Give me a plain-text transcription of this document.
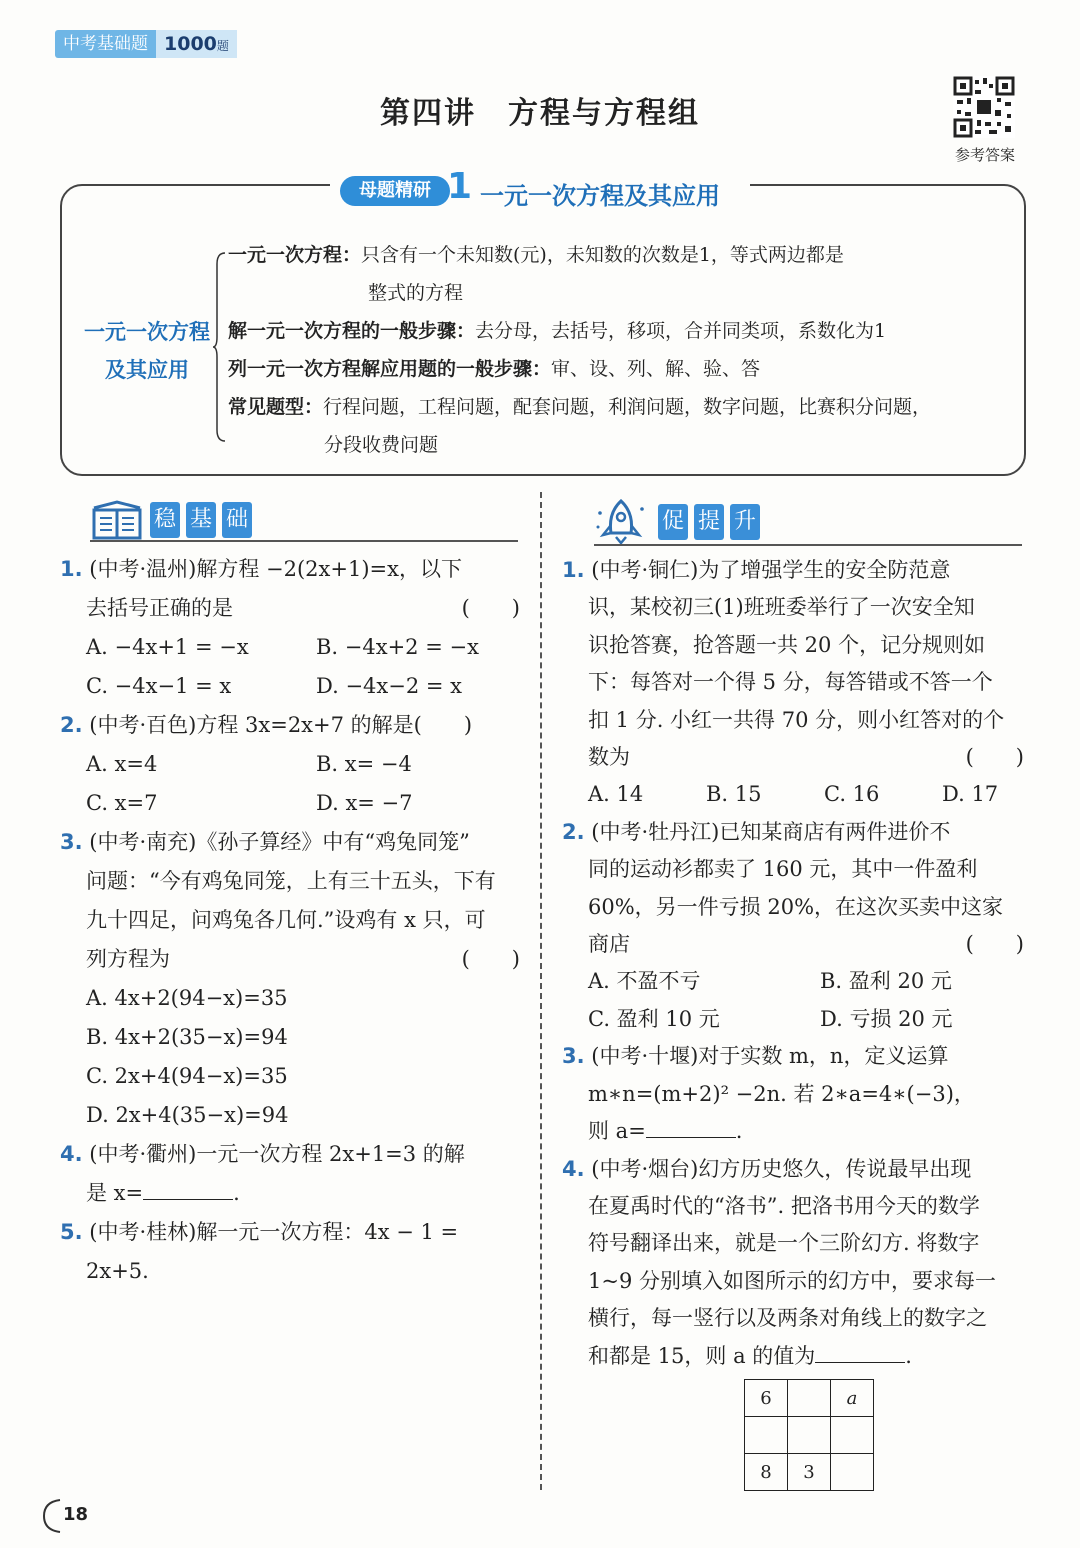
中考基础题 1000题
第四讲　方程与方程组
参考答案
母题精研 1 一元一次方程及其应用
一元一次方程
及其应用
一元一次方程：只含有一个未知数(元)，未知数的次数是1，等式两边都是
整式的方程
解一元一次方程的一般步骤：去分母，去括号，移项，合并同类项，系数化为1
列一元一次方程解应用题的一般步骤：审、设、列、解、验、答
常见题型：行程问题，工程问题，配套问题，利润问题，数字问题，比赛积分问题，
分段收费问题
稳 基 础	促 提 升
1. (中考·温州)解方程 −2(2x+1)=x，以下
去括号正确的是	(　　)
A. −4x+1 = −x	B. −4x+2 = −x
C. −4x−1 = x	D. −4x−2 = x
2. (中考·百色)方程 3x=2x+7 的解是(　　)
A. x=4	B. x= −4
C. x=7	D. x= −7
3. (中考·南充)《孙子算经》中有“鸡兔同笼”
问题：“今有鸡兔同笼，上有三十五头，下有
九十四足，问鸡兔各几何.”设鸡有 x 只，可
列方程为	(　　)
A. 4x+2(94−x)=35
B. 4x+2(35−x)=94
C. 2x+4(94−x)=35
D. 2x+4(35−x)=94
4. (中考·衢州)一元一次方程 2x+1=3 的解
是 x=	.
5. (中考·桂林)解一元一次方程：4x − 1 =
2x+5.
1. (中考·铜仁)为了增强学生的安全防范意
识，某校初三(1)班班委举行了一次安全知
识抢答赛，抢答题一共 20 个，记分规则如
下：每答对一个得 5 分，每答错或不答一个
扣 1 分. 小红一共得 70 分，则小红答对的个
数为	(　　)
A. 14	B. 15	C. 16	D. 17
2. (中考·牡丹江)已知某商店有两件进价不
同的运动衫都卖了 160 元，其中一件盈利
60%，另一件亏损 20%，在这次买卖中这家
商店	(　　)
A. 不盈不亏	B. 盈利 20 元
C. 盈利 10 元	D. 亏损 20 元
3. (中考·十堰)对于实数 m，n，定义运算
m∗n=(m+2)² −2n. 若 2∗a=4∗(−3)，
则 a=	.
4. (中考·烟台)幻方历史悠久，传说最早出现
在夏禹时代的“洛书”. 把洛书用今天的数学
符号翻译出来，就是一个三阶幻方. 将数字
1~9 分别填入如图所示的幻方中，要求每一
横行，每一竖行以及两条对角线上的数字之
和都是 15，则 a 的值为	.
6		a

8	3	
18
